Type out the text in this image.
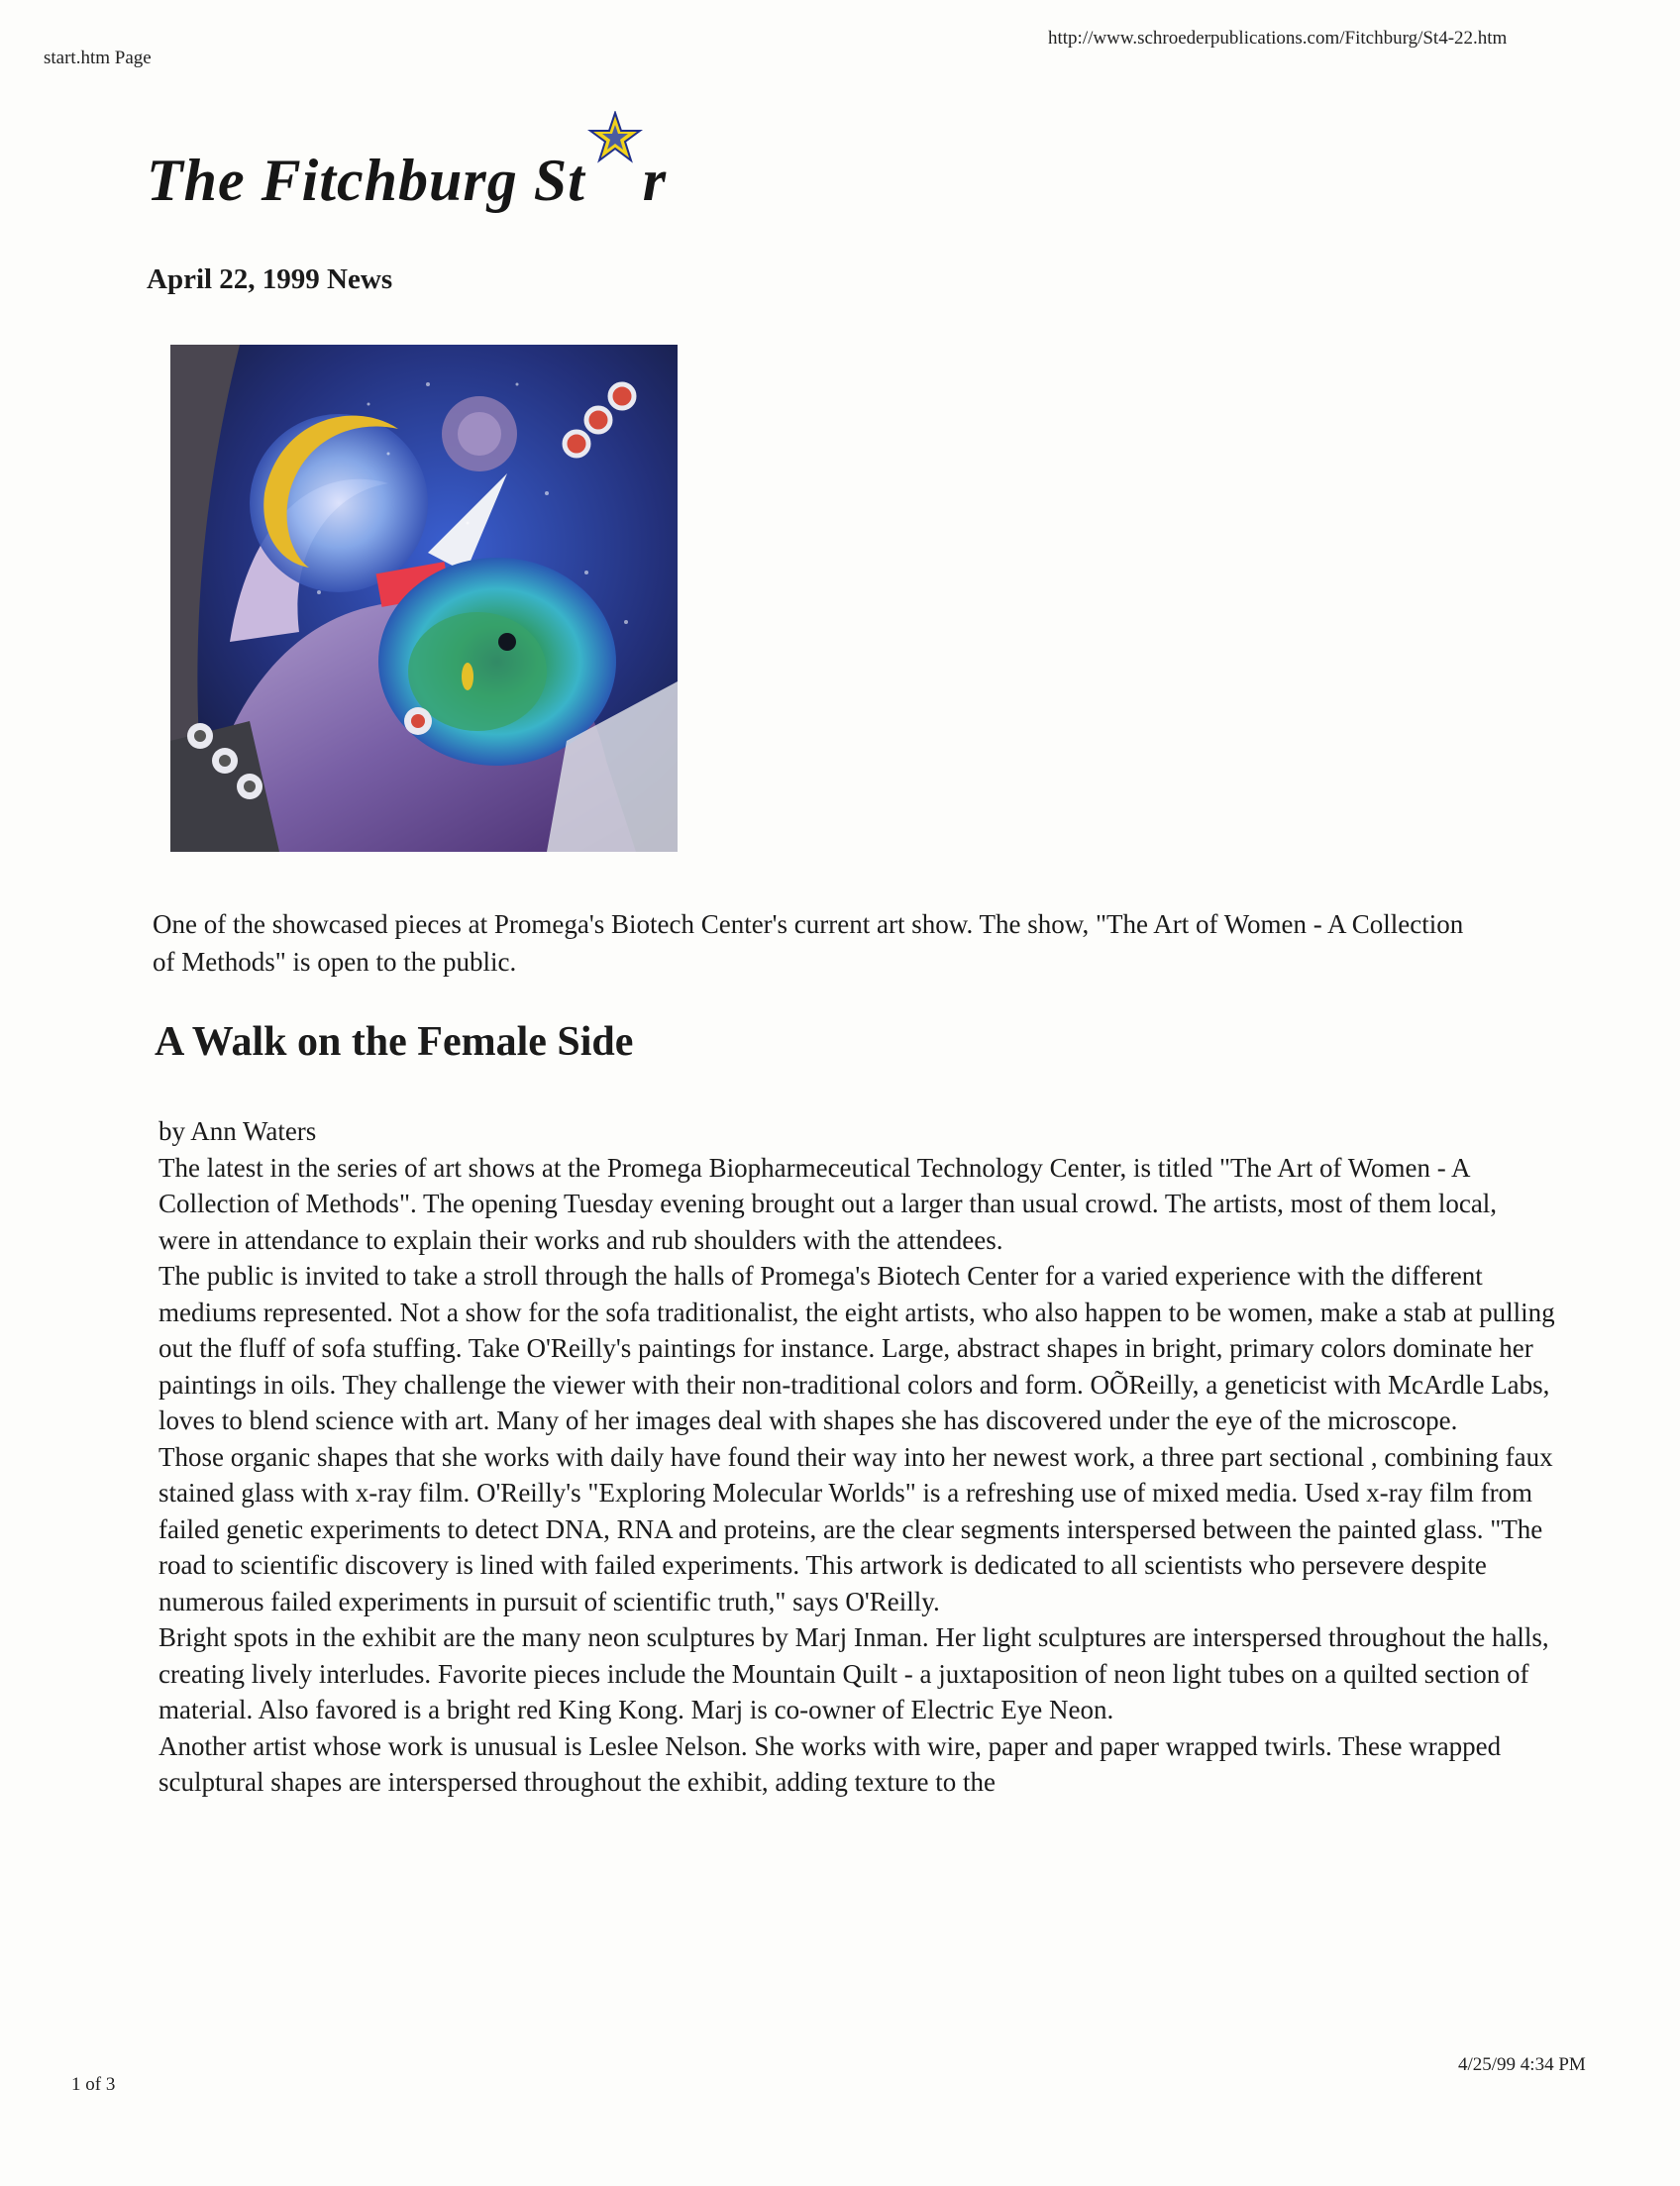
start.htm Page
http://www.schroederpublications.com/Fitchburg/St4-22.htm
The Fitchburg St r
April 22, 1999 News
One of the showcased pieces at Promega's Biotech Center's current art show. The show, "The Art of Women - A Collection of Methods" is open to the public.
A Walk on the Female Side

by Ann Waters

The latest in the series of art shows at the Promega Biopharmeceutical Technology Center, is titled "The Art of Women - A Collection of Methods". The opening Tuesday evening brought out a larger than usual crowd. The artists, most of them local, were in attendance to explain their works and rub shoulders with the attendees.

The public is invited to take a stroll through the halls of Promega's Biotech Center for a varied experience with the different mediums represented. Not a show for the sofa traditionalist, the eight artists, who also happen to be women, make a stab at pulling out the fluff of sofa stuffing. Take O'Reilly's paintings for instance. Large, abstract shapes in bright, primary colors dominate her paintings in oils. They challenge the viewer with their non-traditional colors and form. OÕReilly, a geneticist with McArdle Labs, loves to blend science with art. Many of her images deal with shapes she has discovered under the eye of the microscope.

Those organic shapes that she works with daily have found their way into her newest work, a three part sectional , combining faux stained glass with x-ray film. O'Reilly's "Exploring Molecular Worlds" is a refreshing use of mixed media. Used x-ray film from failed genetic experiments to detect DNA, RNA and proteins, are the clear segments interspersed between the painted glass. "The road to scientific discovery is lined with failed experiments. This artwork is dedicated to all scientists who persevere despite numerous failed experiments in pursuit of scientific truth," says O'Reilly.

Bright spots in the exhibit are the many neon sculptures by Marj Inman. Her light sculptures are interspersed throughout the halls, creating lively interludes. Favorite pieces include the Mountain Quilt - a juxtaposition of neon light tubes on a quilted section of material. Also favored is a bright red King Kong. Marj is co-owner of Electric Eye Neon.

Another artist whose work is unusual is Leslee Nelson. She works with wire, paper and paper wrapped twirls. These wrapped sculptural shapes are interspersed throughout the exhibit, adding texture to the

1 of 3
4/25/99 4:34 PM
